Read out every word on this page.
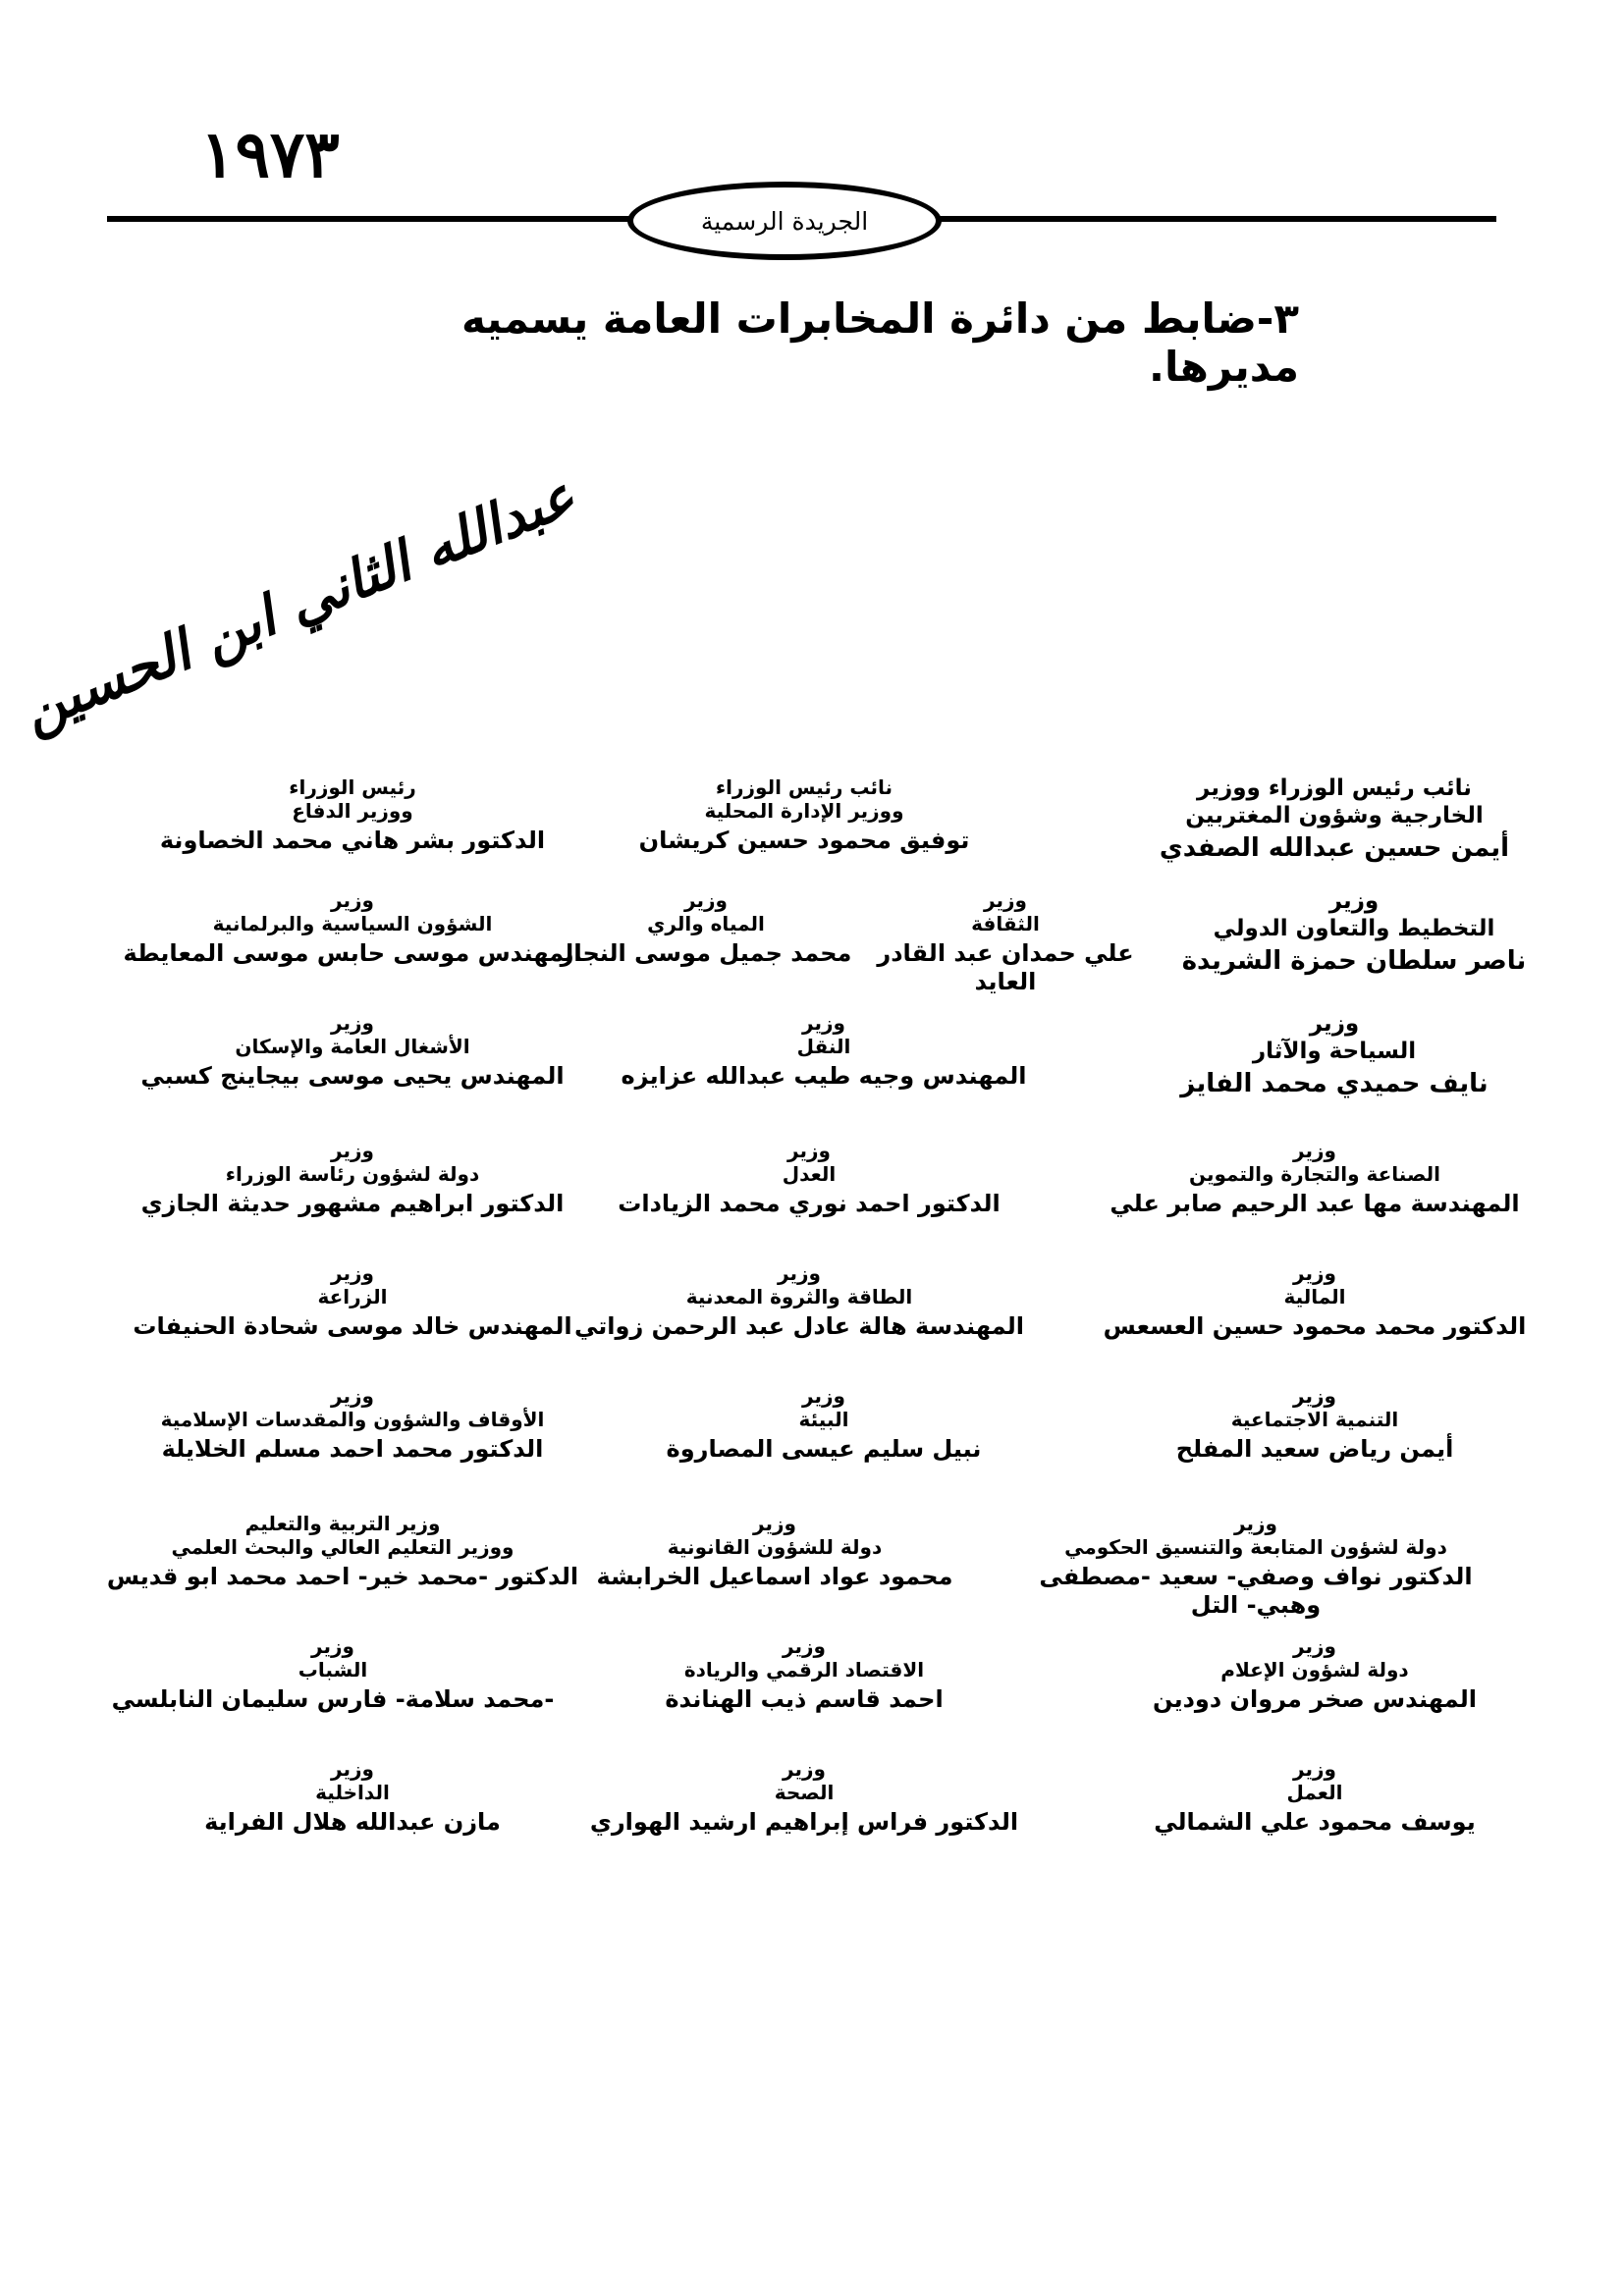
١٩٧٣
الجريدة الرسمية
٣-ضابط من دائرة المخابرات العامة يسميه مديرها.
عبدالله الثاني ابن الحسين
نائب رئيس الوزراء ووزير
الخارجية وشؤون المغتربين
أيمن حسين عبدالله الصفدي
نائب رئيس الوزراء
ووزير الإدارة المحلية
توفيق محمود حسين كريشان
رئيس الوزراء
ووزير الدفاع
الدكتور بشر هاني محمد الخصاونة
وزير
التخطيط والتعاون الدولي
ناصر سلطان حمزة الشريدة
وزير
الثقافة
علي حمدان عبد القادر العايد
وزير
المياه والري
محمد جميل موسى النجار
وزير
الشؤون السياسية والبرلمانية
المهندس موسى حابس موسى المعايطة
وزير
السياحة والآثار
نايف حميدي محمد الفايز
وزير
النقل
المهندس وجيه طيب عبدالله عزايزه
وزير
الأشغال العامة والإسكان
المهندس يحيى موسى بيجاينج كسبي
وزير
الصناعة والتجارة والتموين
المهندسة مها عبد الرحيم صابر علي
وزير
العدل
الدكتور احمد نوري محمد الزيادات
وزير
دولة لشؤون رئاسة الوزراء
الدكتور ابراهيم مشهور حديثة الجازي
وزير
المالية
الدكتور محمد محمود حسين العسعس
وزير
الطاقة والثروة المعدنية
المهندسة هالة عادل عبد الرحمن زواتي
وزير
الزراعة
المهندس خالد موسى شحادة الحنيفات
وزير
التنمية الاجتماعية
أيمن رياض سعيد المفلح
وزير
البيئة
نبيل سليم عيسى المصاروة
وزير
الأوقاف والشؤون والمقدسات الإسلامية
الدكتور محمد احمد مسلم الخلايلة
وزير
دولة لشؤون المتابعة والتنسيق الحكومي
الدكتور نواف وصفي- سعيد -مصطفى وهبي- التل
وزير
دولة للشؤون القانونية
محمود عواد اسماعيل الخرابشة
وزير التربية والتعليم
ووزير التعليم العالي والبحث العلمي
الدكتور -محمد خير- احمد محمد ابو قديس
وزير
دولة لشؤون الإعلام
المهندس صخر مروان دودين
وزير
الاقتصاد الرقمي والريادة
احمد قاسم ذيب الهناندة
وزير
الشباب
-محمد سلامة- فارس سليمان النابلسي
وزير
العمل
يوسف محمود علي الشمالي
وزير
الصحة
الدكتور فراس إبراهيم ارشيد الهواري
وزير
الداخلية
مازن عبدالله هلال الفراية
